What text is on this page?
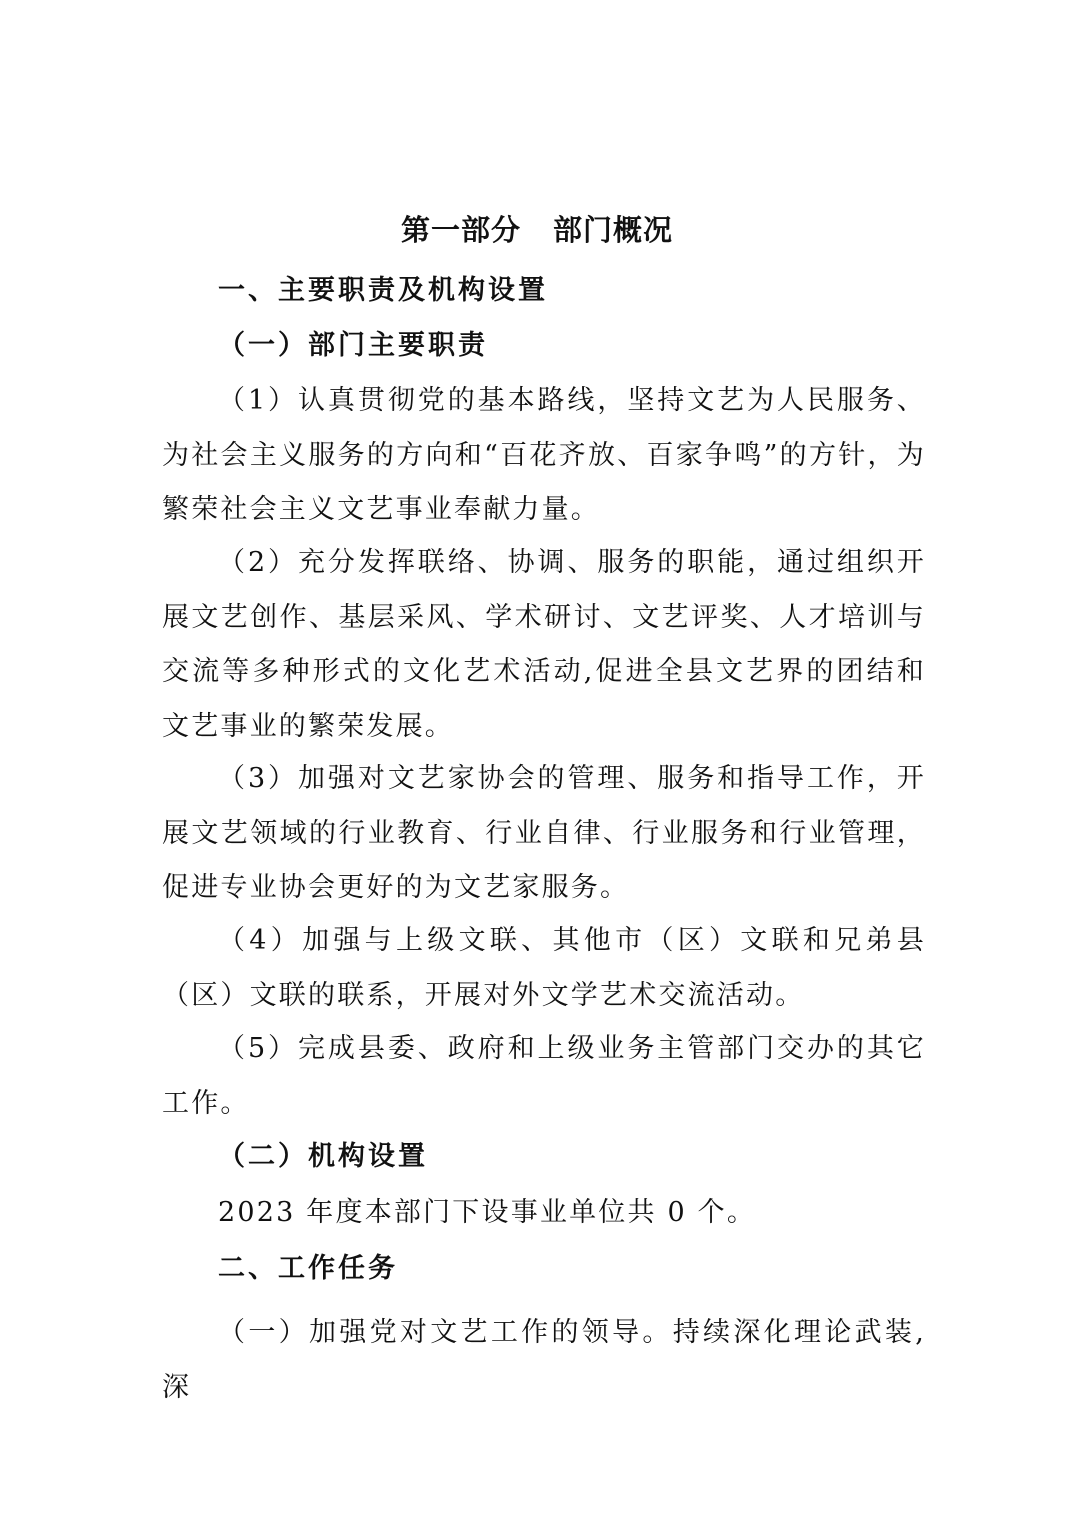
第一部分 部门概况
一、主要职责及机构设置
（一）部门主要职责

（1）认真贯彻党的基本路线，坚持文艺为人民服务、为社会主义服务的方向和“百花齐放、百家争鸣”的方针，为繁荣社会主义文艺事业奉献力量。

（2）充分发挥联络、协调、服务的职能，通过组织开展文艺创作、基层采风、学术研讨、文艺评奖、人才培训与交流等多种形式的文化艺术活动,促进全县文艺界的团结和文艺事业的繁荣发展。

（3）加强对文艺家协会的管理、服务和指导工作，开展文艺领域的行业教育、行业自律、行业服务和行业管理，促进专业协会更好的为文艺家服务。

（4）加强与上级文联、其他市（区）文联和兄弟县（区）文联的联系，开展对外文学艺术交流活动。

（5）完成县委、政府和上级业务主管部门交办的其它工作。

（二）机构设置

2023 年度本部门下设事业单位共 0 个。

二、工作任务

（一）加强党对文艺工作的领导。持续深化理论武装,深
